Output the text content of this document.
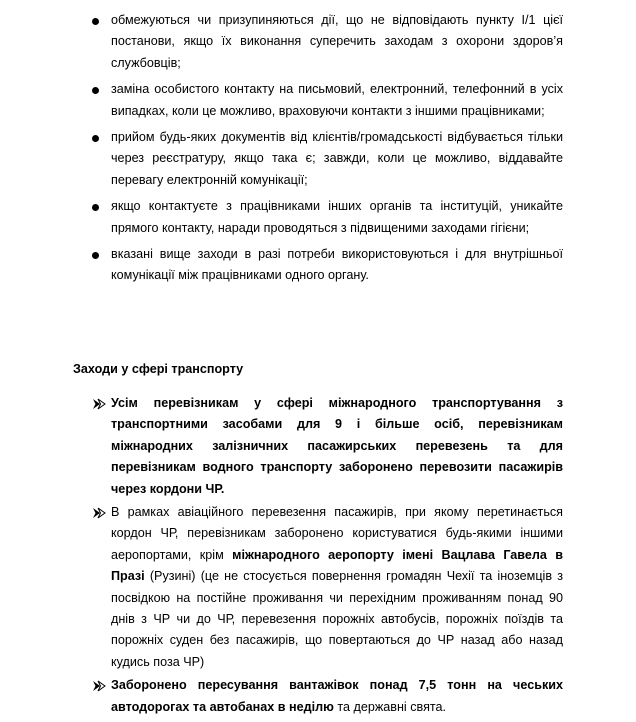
обмежуються чи призупиняються дії, що не відповідають пункту I/1 цієї постанови, якщо їх виконання суперечить заходам з охорони здоров’я службовців;
заміна особистого контакту на письмовий, електронний, телефонний в усіх випадках, коли це можливо, враховуючи контакти з іншими працівниками;
прийом будь-яких документів від клієнтів/громадськості відбувається тільки через реєстратуру, якщо така є; завжди, коли це можливо, віддавайте перевагу електронній комунікації;
якщо контактуєте з працівниками інших органів та інституцій, уникайте прямого контакту, наради проводяться з підвищеними заходами гігієни;
вказані вище заходи в разі потреби використовуються і для внутрішньої комунікації між працівниками одного органу.
Заходи у сфері транспорту
Усім перевізникам у сфері міжнародного транспортування з транспортними засобами для 9 і більше осіб, перевізникам міжнародних залізничних пасажирських перевезень та для перевізникам водного транспорту заборонено перевозити пасажирів через кордони ЧР.
В рамках авіаційного перевезення пасажирів, при якому перетинається кордон ЧР, перевізникам заборонено користуватися будь-якими іншими аеропортами, крім міжнародного аеропорту імені Вацлава Гавела в Празі (Рузині) (це не стосується повернення громадян Чехії та іноземців з посвідкою на постійне проживання чи перехідним проживанням понад 90 днів з ЧР чи до ЧР, перевезення порожніх автобусів, порожніх поїздів та порожніх суден без пасажирів, що повертаються до ЧР назад або назад кудись поза ЧР)
Заборонено пересування вантажівок понад 7,5 тонн на чеських автодорогах та автобанах в неділю та державні свята.
